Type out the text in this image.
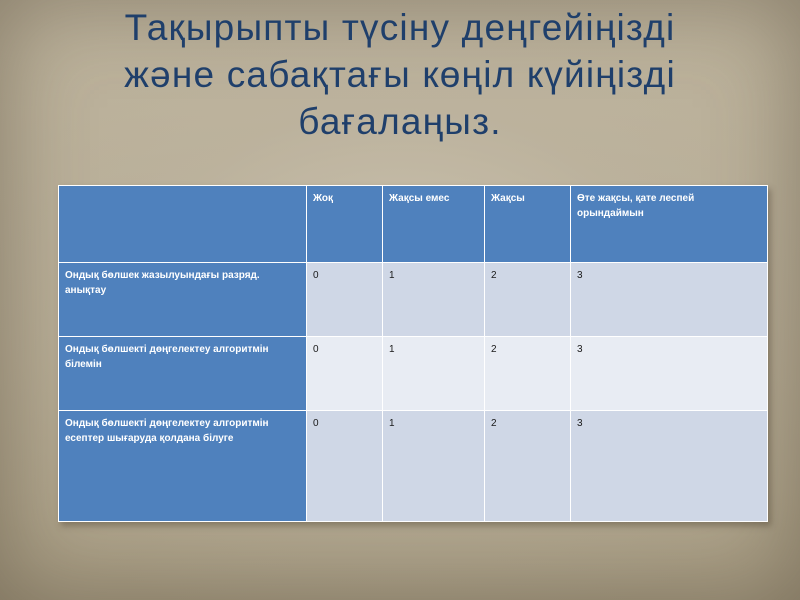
Тақырыпты түсіну деңгейіңізді
және сабақтағы көңіл күйіңізді
бағалаңыз.
	Жоқ	Жақсы емес	Жақсы	Өте жақсы, қате леспей орындаймын
Ондық бөлшек жазылуындағы разряд. анықтау	0	1	2	3
Ондық бөлшекті дөңгелектеу алгоритмін білемін	0	1	2	3
Ондық бөлшекті дөңгелектеу алгоритмін есептер шығаруда қолдана білуге	0	1	2	3
